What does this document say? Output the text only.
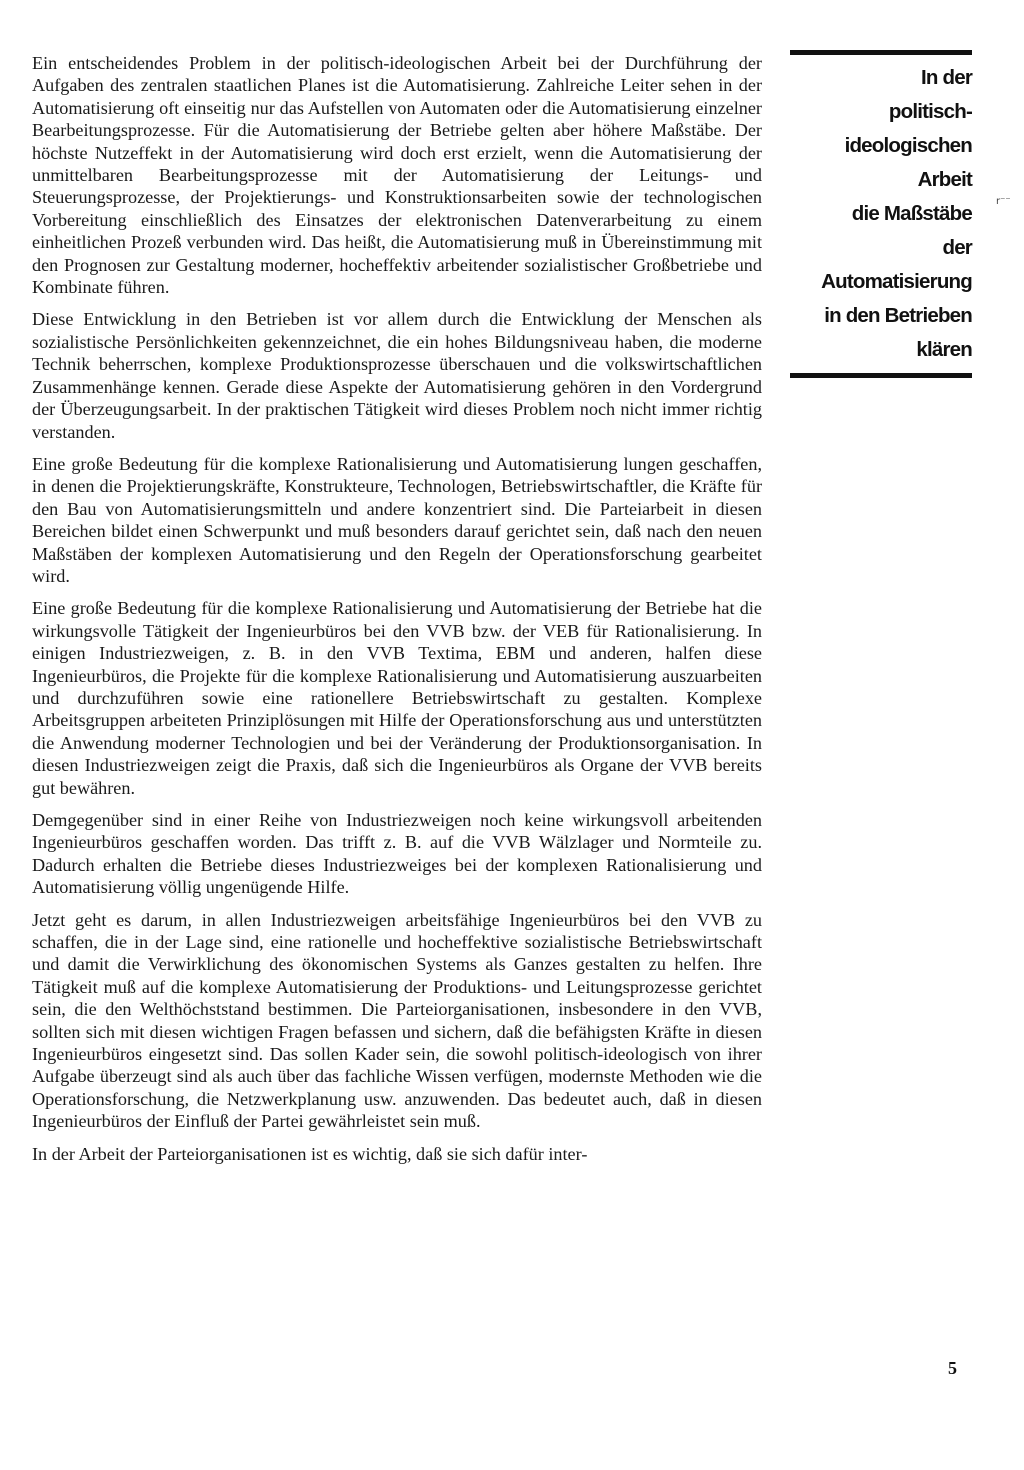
Ein entscheidendes Problem in der politisch-ideologischen Arbeit bei der Durchführung der Aufgaben des zentralen staatlichen Planes ist die Automatisierung. Zahlreiche Leiter sehen in der Automatisierung oft einseitig nur das Aufstellen von Automaten oder die Automatisierung einzelner Bearbeitungsprozesse. Für die Automatisierung der Betriebe gelten aber höhere Maßstäbe. Der höchste Nutzeffekt in der Automatisierung wird doch erst erzielt, wenn die Automatisierung der unmittelbaren Bearbeitungsprozesse mit der Automatisierung der Leitungs- und Steuerungsprozesse, der Projektierungs- und Konstruktionsarbeiten sowie der technologischen Vorbereitung einschließlich des Einsatzes der elektronischen Datenverarbeitung zu einem einheitlichen Prozeß verbunden wird. Das heißt, die Automatisierung muß in Übereinstimmung mit den Prognosen zur Gestaltung moderner, hocheffektiv arbeitender sozialistischer Großbetriebe und Kombinate führen.

Diese Entwicklung in den Betrieben ist vor allem durch die Entwicklung der Menschen als sozialistische Persönlichkeiten gekennzeichnet, die ein hohes Bildungsniveau haben, die moderne Technik beherrschen, komplexe Produktionsprozesse überschauen und die volkswirtschaftlichen Zusammenhänge kennen. Gerade diese Aspekte der Automatisierung gehören in den Vordergrund der Überzeugungsarbeit. In der praktischen Tätigkeit wird dieses Problem noch nicht immer richtig verstanden.

Eine große Bedeutung für die komplexe Rationalisierung und Automatisierung lungen geschaffen, in denen die Projektierungskräfte, Konstrukteure, Technologen, Betriebswirtschaftler, die Kräfte für den Bau von Automatisierungsmitteln und andere konzentriert sind. Die Parteiarbeit in diesen Bereichen bildet einen Schwerpunkt und muß besonders darauf gerichtet sein, daß nach den neuen Maßstäben der komplexen Automatisierung und den Regeln der Operationsforschung gearbeitet wird.

Eine große Bedeutung für die komplexe Rationalisierung und Automatisierung der Betriebe hat die wirkungsvolle Tätigkeit der Ingenieurbüros bei den VVB bzw. der VEB für Rationalisierung. In einigen Industriezweigen, z. B. in den VVB Textima, EBM und anderen, halfen diese Ingenieurbüros, die Projekte für die komplexe Rationalisierung und Automatisierung auszuarbeiten und durchzuführen sowie eine rationellere Betriebswirtschaft zu gestalten. Komplexe Arbeitsgruppen arbeiteten Prinziplösungen mit Hilfe der Operationsforschung aus und unterstützten die Anwendung moderner Technologien und bei der Veränderung der Produktionsorganisation. In diesen Industriezweigen zeigt die Praxis, daß sich die Ingenieurbüros als Organe der VVB bereits gut bewähren.

Demgegenüber sind in einer Reihe von Industriezweigen noch keine wirkungsvoll arbeitenden Ingenieurbüros geschaffen worden. Das trifft z. B. auf die VVB Wälzlager und Normteile zu. Dadurch erhalten die Betriebe dieses Industriezweiges bei der komplexen Rationalisierung und Automatisierung völlig ungenügende Hilfe.

Jetzt geht es darum, in allen Industriezweigen arbeitsfähige Ingenieurbüros bei den VVB zu schaffen, die in der Lage sind, eine rationelle und hocheffektive sozialistische Betriebswirtschaft und damit die Verwirklichung des ökonomischen Systems als Ganzes gestalten zu helfen. Ihre Tätigkeit muß auf die komplexe Automatisierung der Produktions- und Leitungsprozesse gerichtet sein, die den Welthöchststand bestimmen. Die Parteiorganisationen, insbesondere in den VVB, sollten sich mit diesen wichtigen Fragen befassen und sichern, daß die befähigsten Kräfte in diesen Ingenieurbüros eingesetzt sind. Das sollen Kader sein, die sowohl politisch-ideologisch von ihrer Aufgabe überzeugt sind als auch über das fachliche Wissen verfügen, modernste Methoden wie die Operationsforschung, die Netzwerkplanung usw. anzuwenden. Das bedeutet auch, daß in diesen Ingenieurbüros der Einfluß der Partei gewährleistet sein muß.

In der Arbeit der Parteiorganisationen ist es wichtig, daß sie sich dafür inter-

In der
politisch-
ideologischen
Arbeit
die Maßstäbe
der
Automatisierung
in den Betrieben
klären
r⁻⁻
5
